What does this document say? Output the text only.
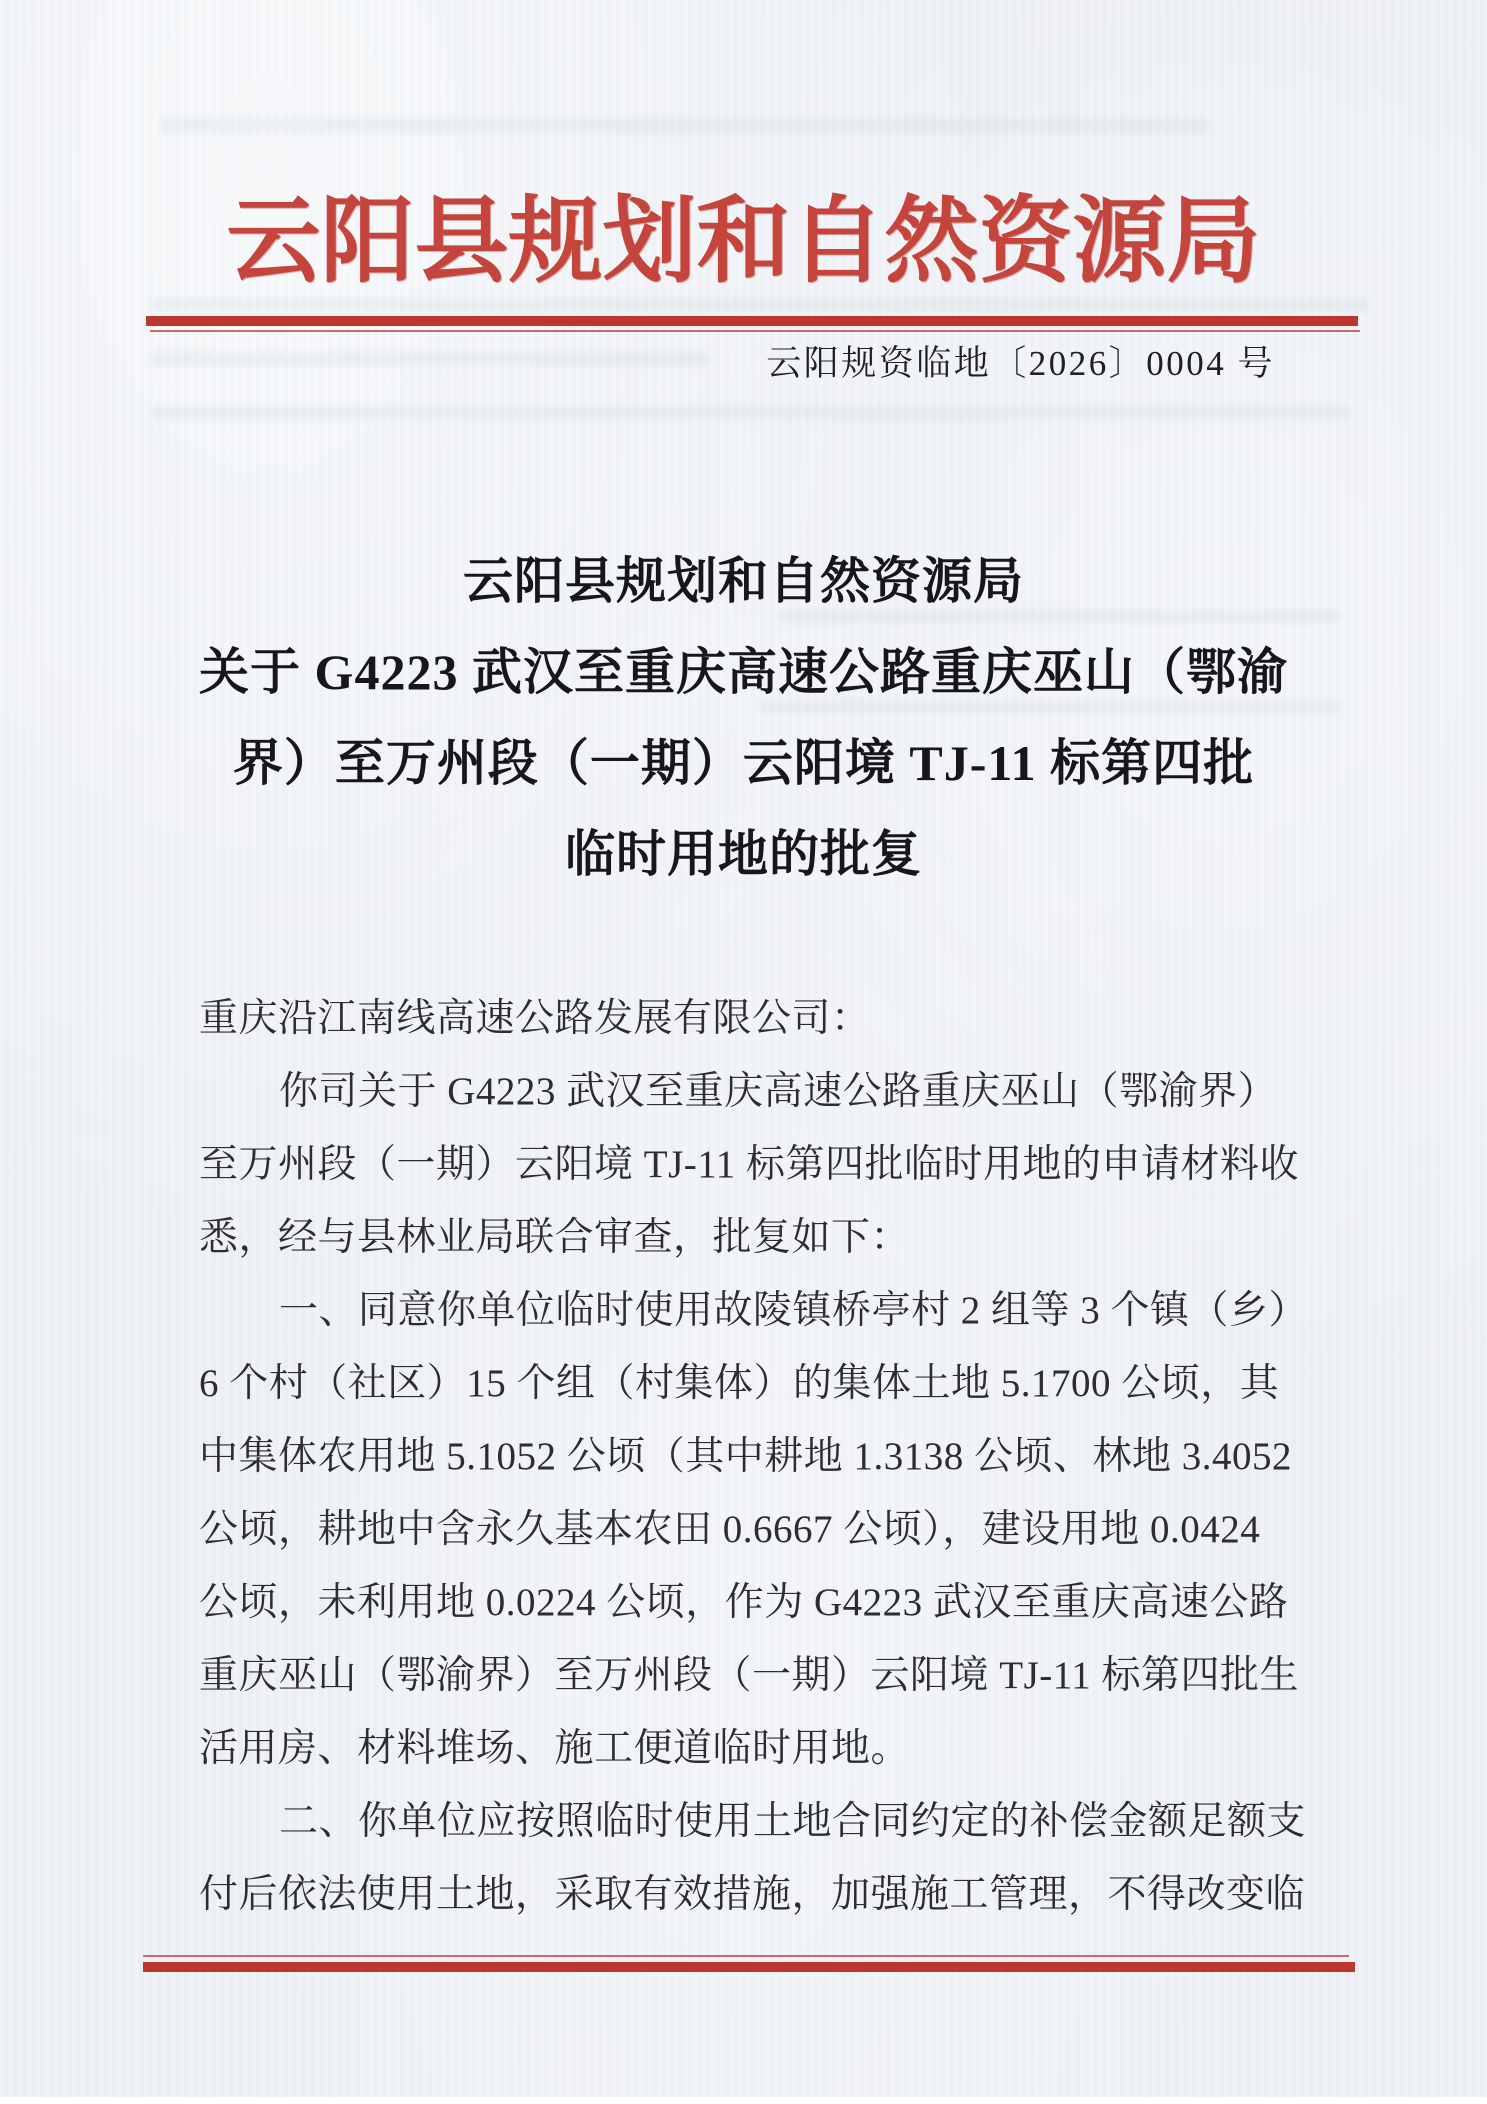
云阳县规划和自然资源局
云阳规资临地〔2026〕0004 号
云阳县规划和自然资源局
关于 G4223 武汉至重庆高速公路重庆巫山（鄂渝
界）至万州段（一期）云阳境 TJ-11 标第四批
临时用地的批复
重庆沿江南线高速公路发展有限公司：
你司关于 G4223 武汉至重庆高速公路重庆巫山（鄂渝界）
至万州段（一期）云阳境 TJ-11 标第四批临时用地的申请材料收
悉，经与县林业局联合审查，批复如下：
一、同意你单位临时使用故陵镇桥亭村 2 组等 3 个镇（乡）
6 个村（社区）15 个组（村集体）的集体土地 5.1700 公顷，其
中集体农用地 5.1052 公顷（其中耕地 1.3138 公顷、林地 3.4052
公顷，耕地中含永久基本农田 0.6667 公顷），建设用地 0.0424
公顷，未利用地 0.0224 公顷，作为 G4223 武汉至重庆高速公路
重庆巫山（鄂渝界）至万州段（一期）云阳境 TJ-11 标第四批生
活用房、材料堆场、施工便道临时用地。
二、你单位应按照临时使用土地合同约定的补偿金额足额支
付后依法使用土地，采取有效措施，加强施工管理，不得改变临
